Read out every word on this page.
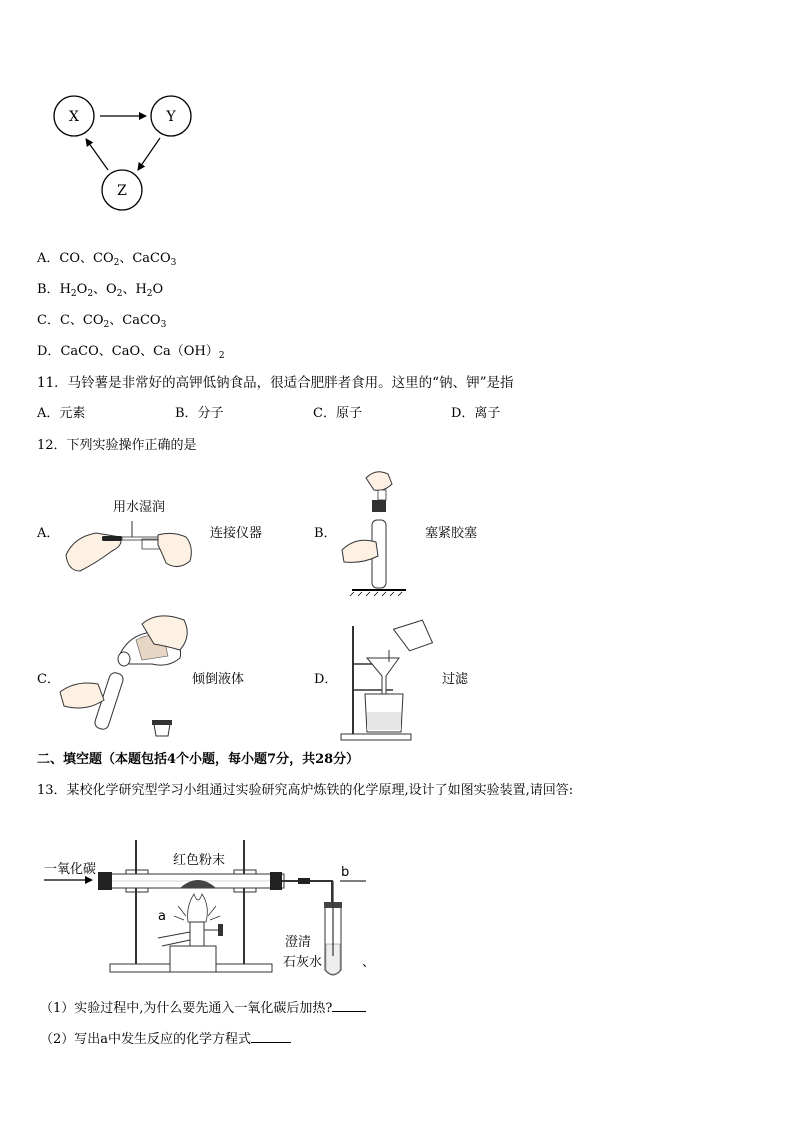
X	Y
Z
A．CO、$CO_2$、CaCO$_3$
B．$H_2O_2$、$O_2$、$H_2O$
C．C、$CO_2$、CaCO$_3$
D．CaCO、CaO、$Ca(OH)_2$
11．马铃薯是非常好的高钾低钠食品，很适合肥胖者食用。这里的“钠、钾”是指
A．元素	B．分子	C．原子	D．离子
12．下列实验操作正确的是
A．
用水湿润
连接仪器	B．	塞紧胶塞
C．	倾倒液体	D．	过滤
二、填空题（本题包括4个小题，每小题7分，共28分）
13．某校化学研究型学习小组通过实验研究高炉炼铁的化学原理,设计了如图实验装置,请回答:
一氧化碳
红色粉末
a
b
澄清
石灰水	、
（1）实验过程中,为什么要先通入一氧化碳后加热?
（2）写出a中发生反应的化学方程式
